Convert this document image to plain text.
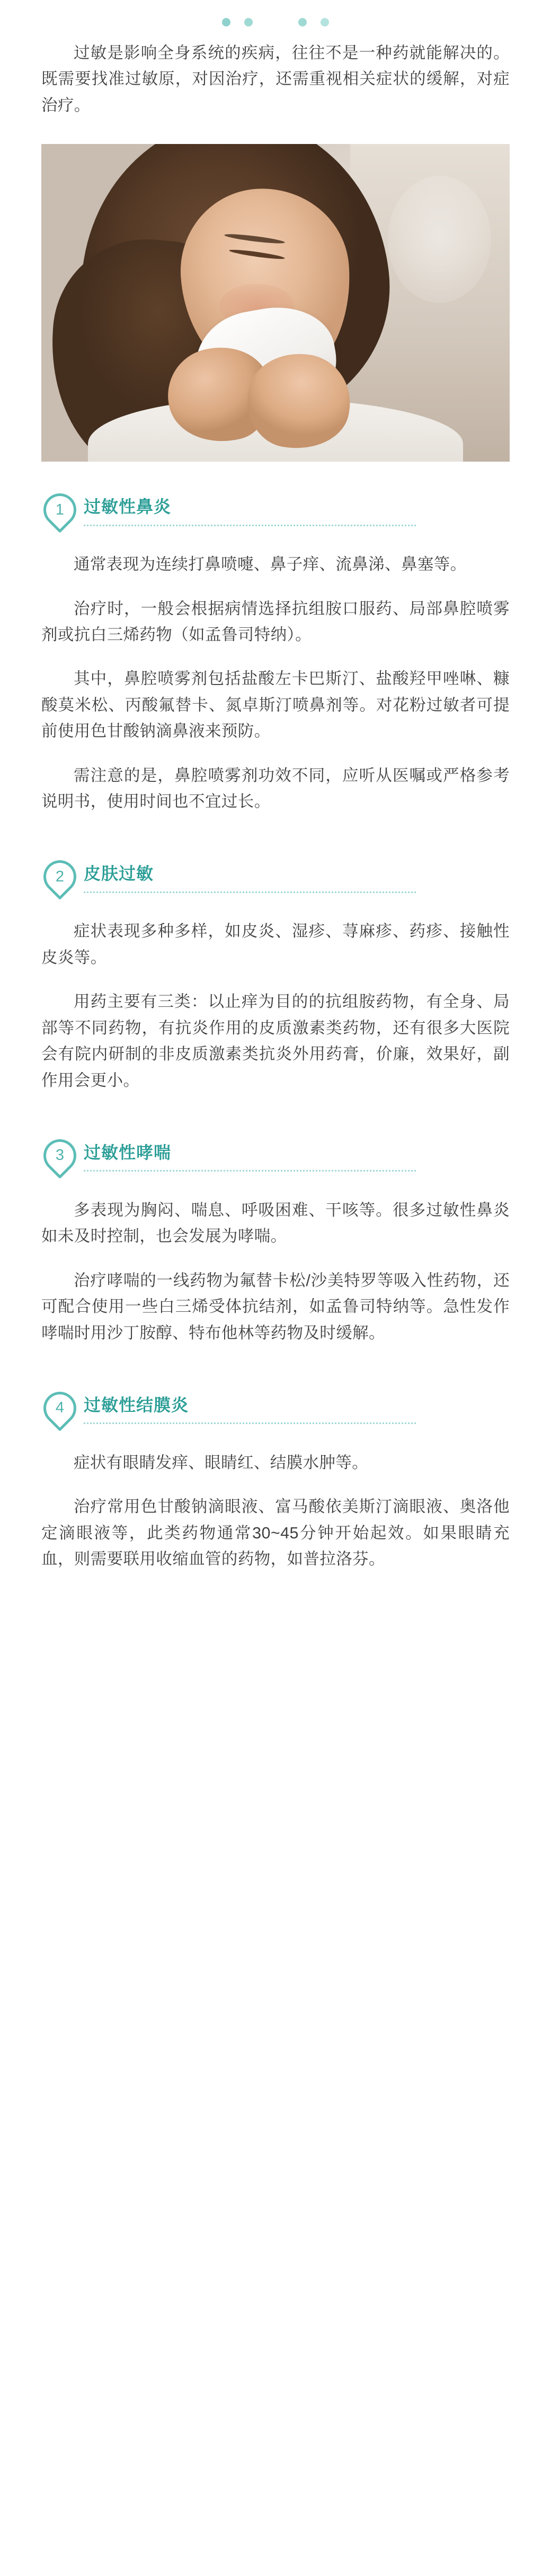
过敏是影响全身系统的疾病，往往不是一种药就能解决的。既需要找准过敏原，对因治疗，还需重视相关症状的缓解，对症治疗。

1	过敏性鼻炎

通常表现为连续打鼻喷嚏、鼻子痒、流鼻涕、鼻塞等。

治疗时，一般会根据病情选择抗组胺口服药、局部鼻腔喷雾剂或抗白三烯药物（如孟鲁司特纳）。

其中，鼻腔喷雾剂包括盐酸左卡巴斯汀、盐酸羟甲唑啉、糠酸莫米松、丙酸氟替卡、氮卓斯汀喷鼻剂等。对花粉过敏者可提前使用色甘酸钠滴鼻液来预防。

需注意的是，鼻腔喷雾剂功效不同，应听从医嘱或严格参考说明书，使用时间也不宜过长。

2	皮肤过敏

症状表现多种多样，如皮炎、湿疹、荨麻疹、药疹、接触性皮炎等。

用药主要有三类：以止痒为目的的抗组胺药物，有全身、局部等不同药物，有抗炎作用的皮质激素类药物，还有很多大医院会有院内研制的非皮质激素类抗炎外用药膏，价廉，效果好，副作用会更小。

3	过敏性哮喘

多表现为胸闷、喘息、呼吸困难、干咳等。很多过敏性鼻炎如未及时控制，也会发展为哮喘。

治疗哮喘的一线药物为氟替卡松/沙美特罗等吸入性药物，还可配合使用一些白三烯受体抗结剂，如孟鲁司特纳等。急性发作哮喘时用沙丁胺醇、特布他林等药物及时缓解。

4	过敏性结膜炎

症状有眼睛发痒、眼睛红、结膜水肿等。

治疗常用色甘酸钠滴眼液、富马酸依美斯汀滴眼液、奥洛他定滴眼液等，此类药物通常30~45分钟开始起效。如果眼睛充血，则需要联用收缩血管的药物，如普拉洛芬。
